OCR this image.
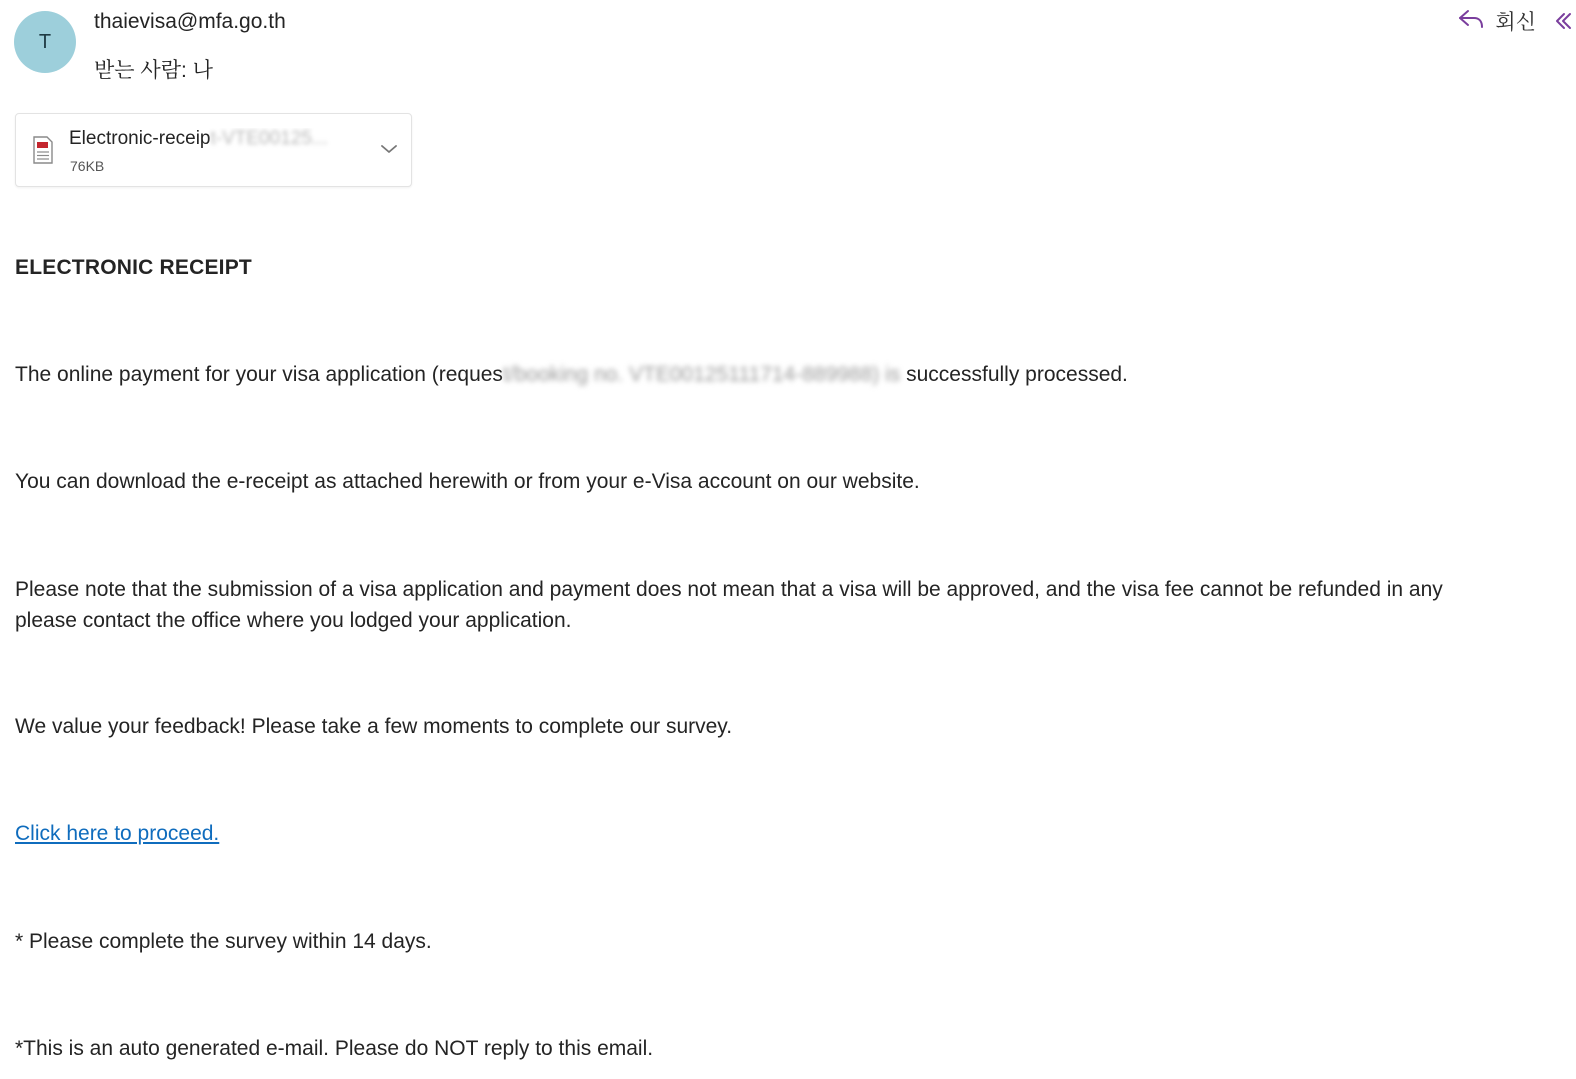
T
thaievisa@mfa.go.th
받는 사람: 나
회신
Electronic-receipt-VTE00125...
76KB
ELECTRONIC RECEIPT
The online payment for your visa application (request/booking no. VTE00125111714-889988) is successfully processed.
You can download the e-receipt as attached herewith or from your e-Visa account on our website.
Please note that the submission of a visa application and payment does not mean that a visa will be approved, and the visa fee cannot be refunded in any
please contact the office where you lodged your application.
We value your feedback! Please take a few moments to complete our survey.
Click here to proceed.
* Please complete the survey within 14 days.
*This is an auto generated e-mail. Please do NOT reply to this email.
